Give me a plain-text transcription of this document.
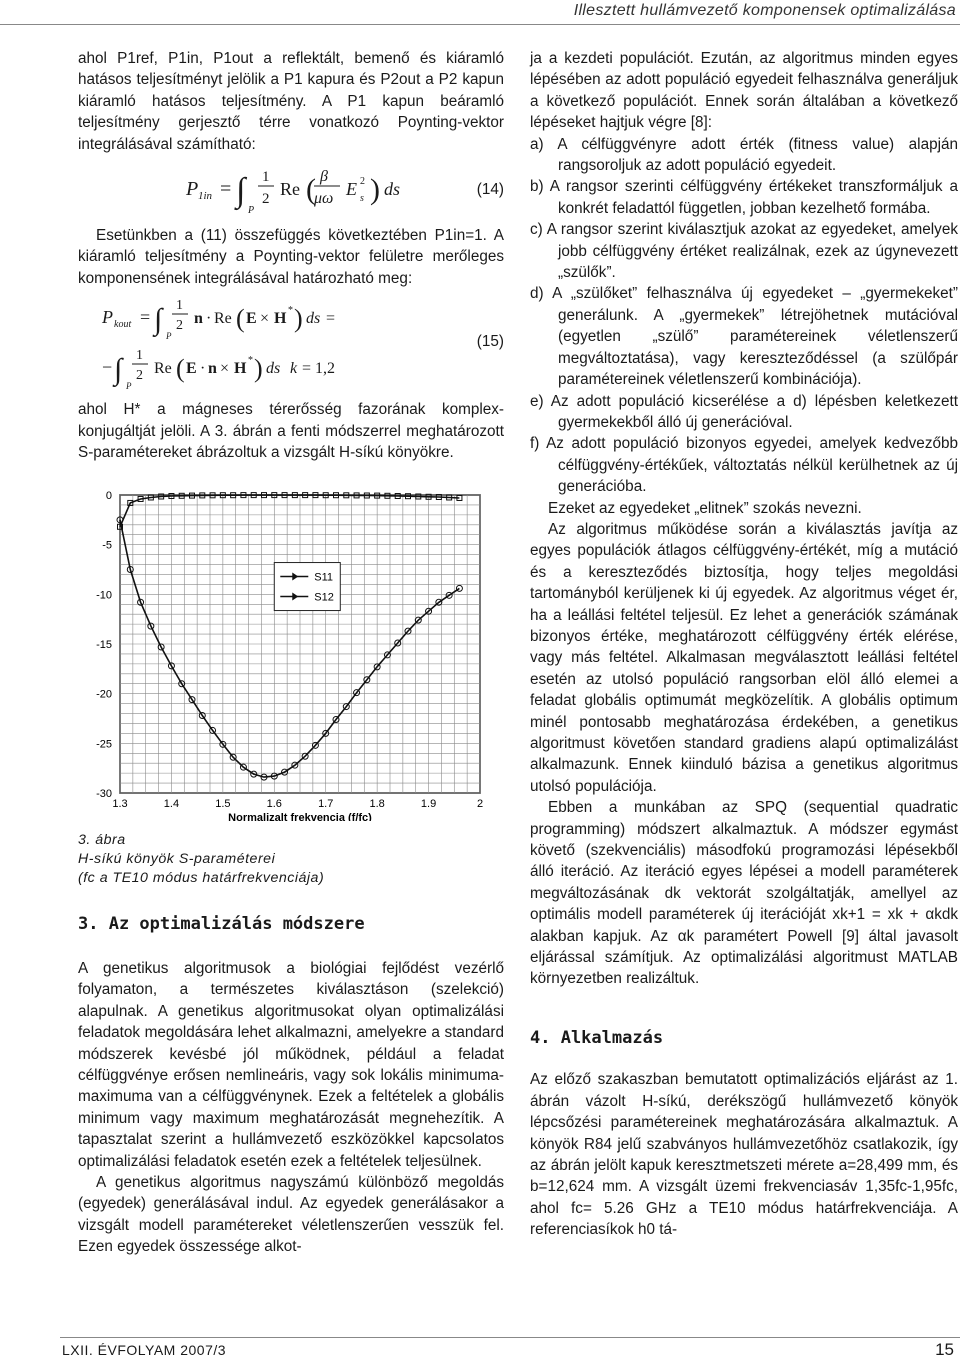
Illesztett hullámvezető komponensek optimalizálása

ahol P1ref, P1in, P1out a reflektált, bemenő és kiáramló hatásos teljesítményt jelölik a P1 kapura és P2out a P2 kapun kiáramló hatásos teljesítmény. A P1 kapun beáramló teljesítmény gerjesztő térre vonatkozó Poynting-vektor integrálásával számítható:

P 1in = ∫
P
1
2 Re ( β
μω E s
2 ) ds	(14)

Esetünkben a (11) összefüggés következtében P1in=1. A kiáramló teljesítmény a Poynting-vektor felületre merőleges komponensének integrálásával határozható meg:

P kout = ∫ P
1
2 n · Re ( E × H * ) ds =
− ∫ P
1
2 Re ( E · n × H * ) ds k = 1,2
(15)

ahol H* a mágneses térerősség fazorának komplex-konjugáltját jelöli. A 3. ábrán a fenti módszerrel meghatározott S-paramétereket ábrázoltuk a vizsgált H-síkú könyökre.

0
-5
-10
-15
-20
-25
-30
1.3	1.4	1.5	1.6	1.7	1.8	1.9	2
Normalizalt frekvencia (f/fc)
S11
S12
3. ábra
H-síkú könyök S-paraméterei
(fc a TE10 módus határfrekvenciája)
3. Az optimalizálás módszere

A genetikus algoritmusok a biológiai fejlődést vezérlő folyamaton, a természetes kiválasztáson (szelekció) alapulnak. A genetikus algoritmusokat olyan optimalizálási feladatok megoldására lehet alkalmazni, amelyekre a standard módszerek kevésbé jól működnek, például a feladat célfüggvénye erősen nemlineáris, vagy sok lokális minimuma-maximuma van a célfüggvénynek. Ezek a feltételek a globális minimum vagy maximum meghatározását megnehezítik. A tapasztalat szerint a hullámvezető eszközökkel kapcsolatos optimalizálási feladatok esetén ezek a feltételek teljesülnek.

A genetikus algoritmus nagyszámú különböző megoldás (egyedek) generálásával indul. Az egyedek generálásakor a vizsgált modell paramétereket véletlenszerűen vesszük fel. Ezen egyedek összessége alkot-

ja a kezdeti populációt. Ezután, az algoritmus minden egyes lépésében az adott populáció egyedeit felhasználva generáljuk a következő populációt. Ennek során általában a következő lépéseket hajtjuk végre [8]:

a) A célfüggvényre adott érték (fitness value) alapján rangsoroljuk az adott populáció egyedeit.

b) A rangsor szerinti célfüggvény értékeket transzformáljuk a konkrét feladattól független, jobban kezelhető formába.

c) A rangsor szerint kiválasztjuk azokat az egyedeket, amelyek jobb célfüggvény értéket realizálnak, ezek az úgynevezett „szülők”.

d) A „szülőket” felhasználva új egyedeket – „gyermekeket” generálunk. A „gyermekek” létrejöhetnek mutációval (egyetlen „szülő” paramétereinek véletlenszerű megváltoztatása), vagy kereszteződéssel (a szülőpár paramétereinek véletlenszerű kombinációja).

e) Az adott populáció kicserélése a d) lépésben keletkezett gyermekekből álló új generációval.

f) Az adott populáció bizonyos egyedei, amelyek kedvezőbb célfüggvény-értékűek, változtatás nélkül kerülhetnek az új generációba.

Ezeket az egyedeket „elitnek” szokás nevezni.

Az algoritmus működése során a kiválasztás javítja az egyes populációk átlagos célfüggvény-értékét, míg a mutáció és a kereszteződés biztosítja, hogy teljes megoldási tartományból kerüljenek ki új egyedek. Az algoritmus véget ér, ha a leállási feltétel teljesül. Ez lehet a generációk számának bizonyos értéke, meghatározott célfüggvény érték elérése, vagy más feltétel. Alkalmasan megválasztott leállási feltétel esetén az utolsó populáció rangsorban elöl álló elemei a feladat globális optimumát megközelítik. A globális optimum minél pontosabb meghatározása érdekében, a genetikus algoritmust követően standard gradiens alapú optimalizálást alkalmazunk. Ennek kiinduló bázisa a genetikus algoritmus utolsó populációja.

Ebben a munkában az SPQ (sequential quadratic programming) módszert alkalmaztuk. A módszer egymást követő (szekvenciális) másodfokú programozási lépésekből álló iteráció. Az iteráció egyes lépései a modell paraméterek megváltozásának dk vektorát szolgáltatják, amellyel az optimális modell paraméterek új iterációját xk+1 = xk + αkdk alakban kapjuk. Az αk paramétert Powell [9] által javasolt eljárással számítjuk. Az optimalizálási algoritmust MATLAB környezetben realizáltuk.

4. Alkalmazás

Az előző szakaszban bemutatott optimalizációs eljárást az 1. ábrán vázolt H-síkú, derékszögű hullámvezető könyök lépcsőzési paramétereinek meghatározására alkalmaztuk. A könyök R84 jelű szabványos hullámvezetőhöz csatlakozik, így az ábrán jelölt kapuk keresztmetszeti mérete a=28,499 mm, és b=12,624 mm. A vizsgált üzemi frekvenciasáv 1,35fc-1,95fc, ahol fc= 5.26 GHz a TE10 módus határfrekvenciája. A referenciasíkok h0 tá-

LXII. ÉVFOLYAM 2007/3	15
